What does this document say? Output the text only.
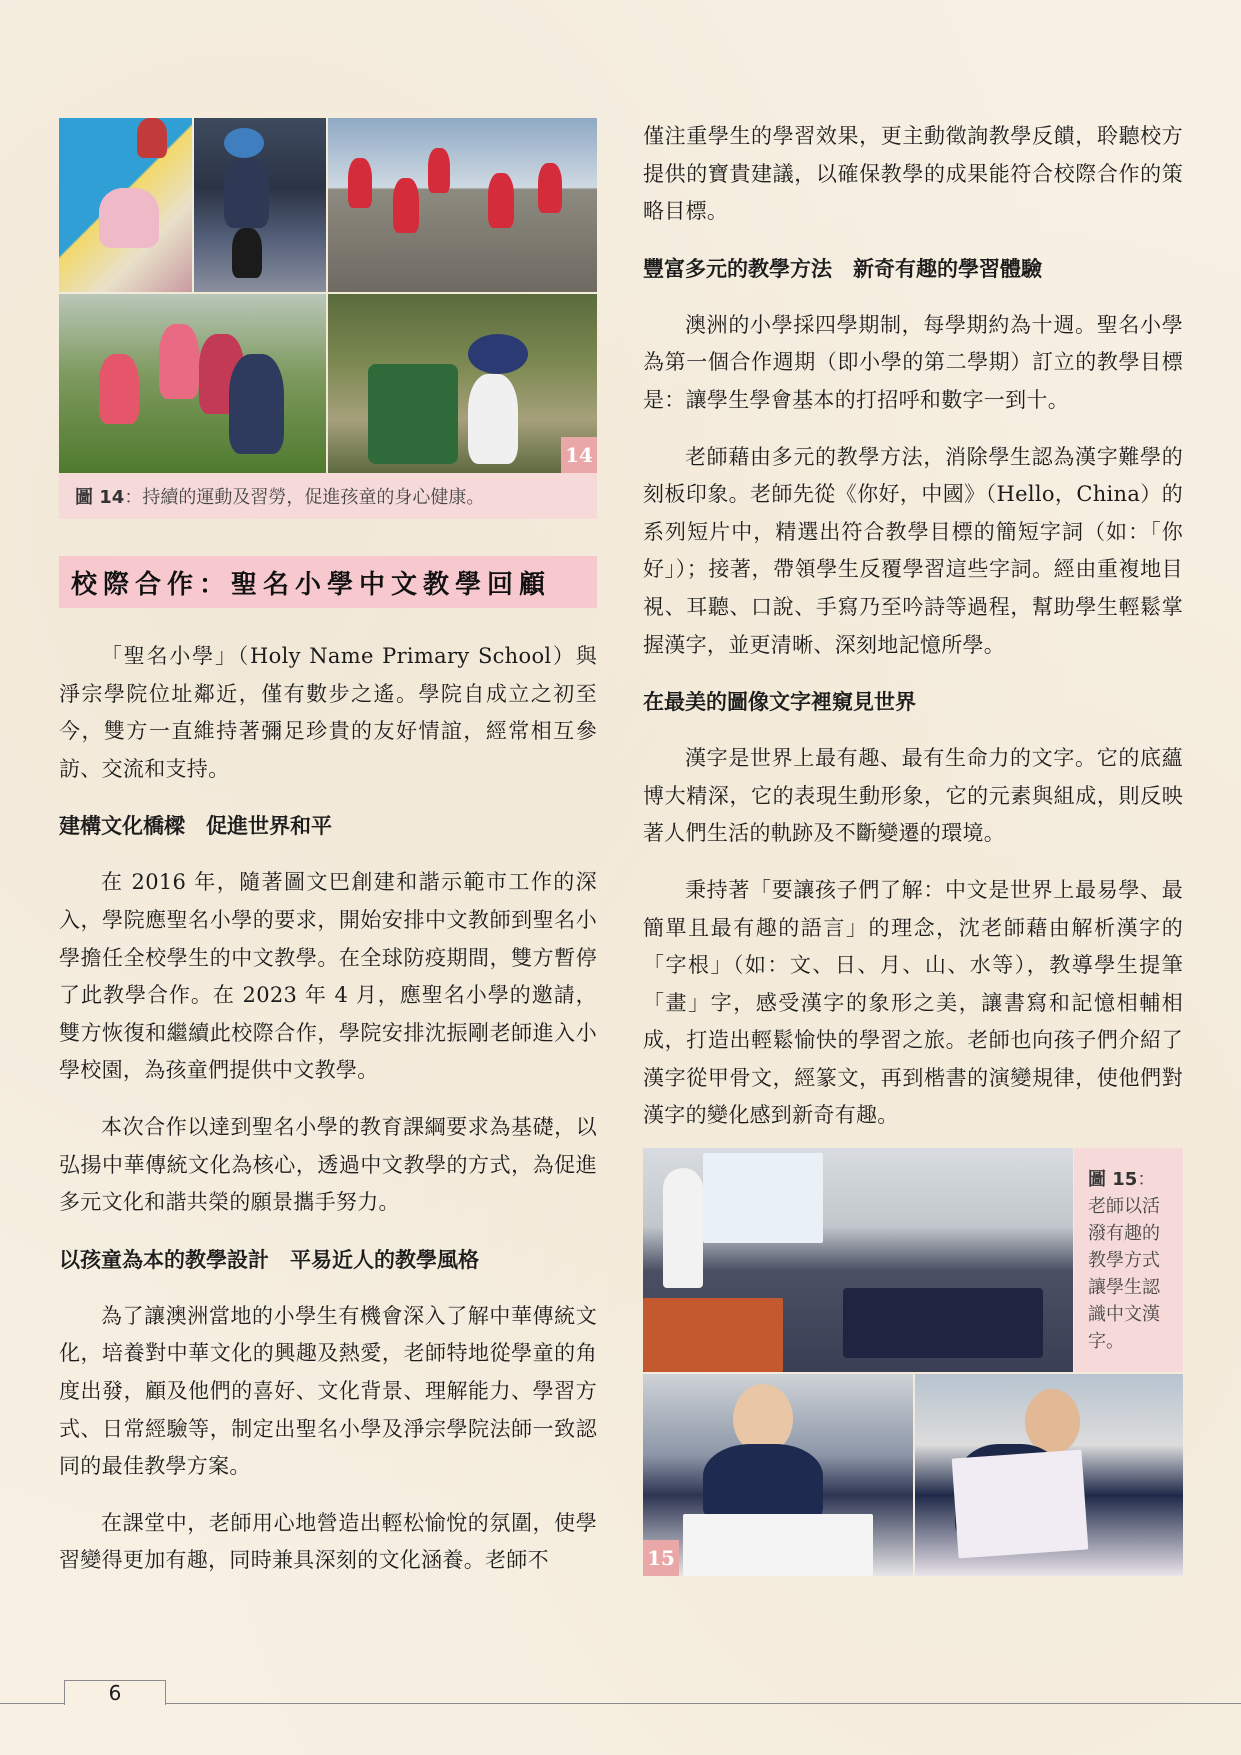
14
圖 14 ：持續的運動及習勞，促進孩童的身心健康。
校際合作：聖名小學中文教學回顧

「聖名小學」（Holy Name Primary School）與淨宗學院位址鄰近，僅有數步之遙。學院自成立之初至今，雙方一直維持著彌足珍貴的友好情誼，經常相互參訪、交流和支持。

建構文化橋樑　促進世界和平

在 2016 年，隨著圖文巴創建和諧示範市工作的深入，學院應聖名小學的要求，開始安排中文教師到聖名小學擔任全校學生的中文教學。在全球防疫期間，雙方暫停了此教學合作。在 2023 年 4 月，應聖名小學的邀請，雙方恢復和繼續此校際合作，學院安排沈振剛老師進入小學校園，為孩童們提供中文教學。

本次合作以達到聖名小學的教育課綱要求為基礎，以弘揚中華傳統文化為核心，透過中文教學的方式，為促進多元文化和諧共榮的願景攜手努力。

以孩童為本的教學設計　平易近人的教學風格

為了讓澳洲當地的小學生有機會深入了解中華傳統文化，培養對中華文化的興趣及熱愛，老師特地從學童的角度出發，顧及他們的喜好、文化背景、理解能力、學習方式、日常經驗等，制定出聖名小學及淨宗學院法師一致認同的最佳教學方案。

在課堂中，老師用心地營造出輕松愉悅的氛圍，使學習變得更加有趣，同時兼具深刻的文化涵養。老師不

僅注重學生的學習效果，更主動徵詢教學反饋，聆聽校方提供的寶貴建議，以確保教學的成果能符合校際合作的策略目標。

豐富多元的教學方法　新奇有趣的學習體驗

澳洲的小學採四學期制，每學期約為十週。聖名小學為第一個合作週期（即小學的第二學期）訂立的教學目標是：讓學生學會基本的打招呼和數字一到十。

老師藉由多元的教學方法，消除學生認為漢字難學的刻板印象。老師先從《你好，中國》（Hello，China）的系列短片中，精選出符合教學目標的簡短字詞（如：「你好」）；接著，帶領學生反覆學習這些字詞。經由重複地目視、耳聽、口說、手寫乃至吟詩等過程，幫助學生輕鬆掌握漢字，並更清晰、深刻地記憶所學。

在最美的圖像文字裡窺見世界

漢字是世界上最有趣、最有生命力的文字。它的底蘊博大精深，它的表現生動形象，它的元素與組成，則反映著人們生活的軌跡及不斷變遷的環境。

秉持著「要讓孩子們了解：中文是世界上最易學、最簡單且最有趣的語言」的理念，沈老師藉由解析漢字的「字根」（如：文、日、月、山、水等），教導學生提筆「畫」字，感受漢字的象形之美，讓書寫和記憶相輔相成，打造出輕鬆愉快的學習之旅。老師也向孩子們介紹了漢字從甲骨文，經篆文，再到楷書的演變規律，使他們對漢字的變化感到新奇有趣。

圖 15：
老師以活
潑有趣的
教學方式
讓學生認
識中文漢
字。
15
6
